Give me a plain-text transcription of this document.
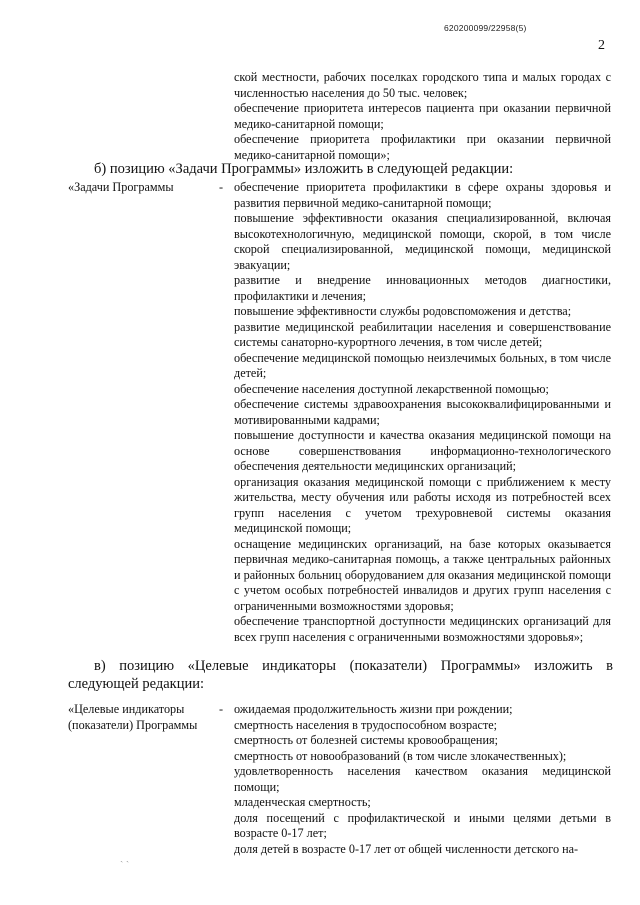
620200099/22958(5)
2
ской местности, рабочих поселках городского типа и малых городах с численностью населения до 50 тыс. человек;
обеспечение приоритета интересов пациента при оказании первичной медико-санитарной помощи;
обеспечение приоритета профилактики при оказании первичной медико-санитарной помощи»;
б) позицию «Задачи Программы» изложить в следующей редакции:
«Задачи Программы	- обеспечение приоритета профилактики в сфере охраны здоровья и развития первичной медико-санитарной помощи;
повышение эффективности оказания специализированной, включая высокотехнологичную, медицинской помощи, скорой, в том числе скорой специализированной, медицинской помощи, медицинской эвакуации;
развитие и внедрение инновационных методов диагностики, профилактики и лечения;
повышение эффективности службы родовспоможения и детства;
развитие медицинской реабилитации населения и совершенствование системы санаторно-курортного лечения, в том числе детей;
обеспечение медицинской помощью неизлечимых больных, в том числе детей;
обеспечение населения доступной лекарственной помощью;
обеспечение системы здравоохранения высококвалифицированными и мотивированными кадрами;
повышение доступности и качества оказания медицинской помощи на основе совершенствования информационно-технологического обеспечения деятельности медицинских организаций;
организация оказания медицинской помощи с приближением к месту жительства, месту обучения или работы исходя из потребностей всех групп населения с учетом трехуровневой системы оказания медицинской помощи;
оснащение медицинских организаций, на базе которых оказывается первичная медико-санитарная помощь, а также центральных районных и районных больниц оборудованием для оказания медицинской помощи с учетом особых потребностей инвалидов и других групп населения с ограниченными возможностями здоровья;
обеспечение транспортной доступности медицинских организаций для всех групп населения с ограниченными возможностями здоровья»;
в) позицию «Целевые индикаторы (показатели) Программы» изложить в следующей редакции:
«Целевые индикаторы
(показатели) Программы
- ожидаемая продолжительность жизни при рождении;
смертность населения в трудоспособном возрасте;
смертность от болезней системы кровообращения;
смертность от новообразований (в том числе злокачественных);
удовлетворенность населения качеством оказания медицинской помощи;
младенческая смертность;
доля посещений с профилактической и иными целями детьми в возрасте 0-17 лет;
доля детей в возрасте 0-17 лет от общей численности детского на-
ˎ ˏ
